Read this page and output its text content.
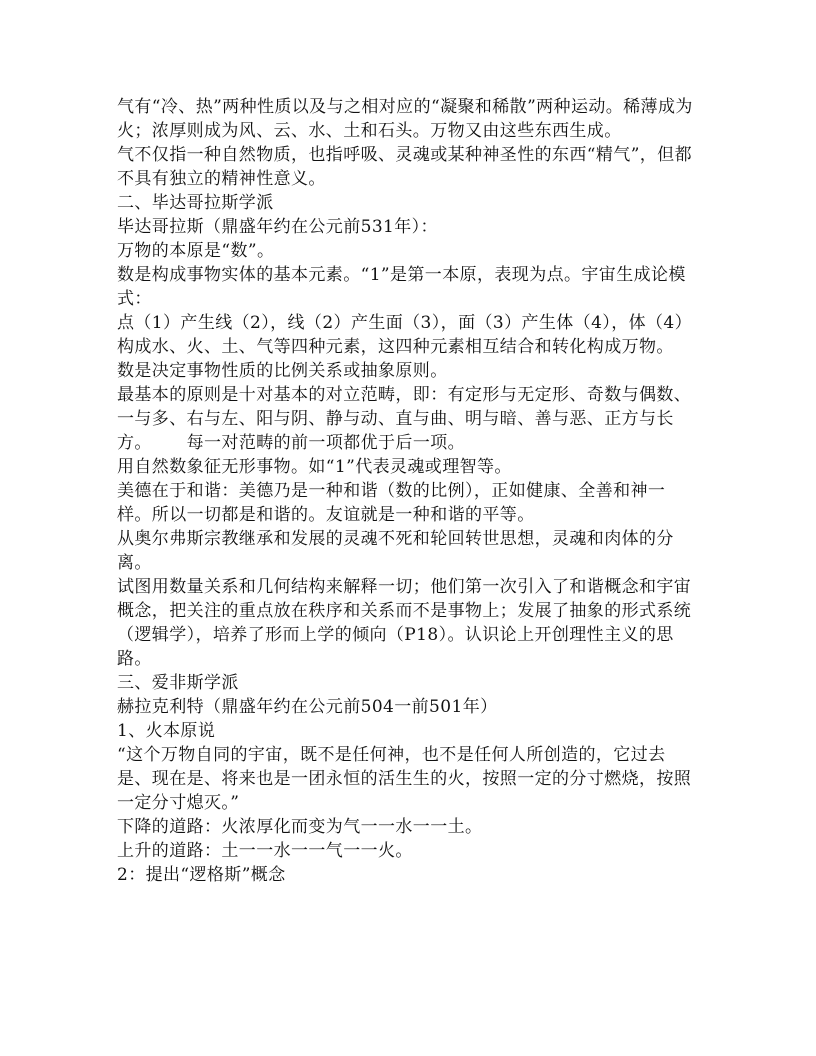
气有“冷、热”两种性质以及与之相对应的“凝聚和稀散”两种运动。稀薄成为火；浓厚则成为风、云、水、土和石头。万物又由这些东西生成。

气不仅指一种自然物质，也指呼吸、灵魂或某种神圣性的东西“精气”，但都不具有独立的精神性意义。

二、毕达哥拉斯学派

毕达哥拉斯（鼎盛年约在公元前531年）：

万物的本原是“数”。

数是构成事物实体的基本元素。“1”是第一本原，表现为点。宇宙生成论模式：

点（1）产生线（2），线（2）产生面（3），面（3）产生体（4），体（4）构成水、火、土、气等四种元素，这四种元素相互结合和转化构成万物。

数是决定事物性质的比例关系或抽象原则。

最基本的原则是十对基本的对立范畴，即：有定形与无定形、奇数与偶数、一与多、右与左、阳与阴、静与动、直与曲、明与暗、善与恶、正方与长方。      每一对范畴的前一项都优于后一项。

用自然数象征无形事物。如“1”代表灵魂或理智等。

美德在于和谐：美德乃是一种和谐（数的比例），正如健康、全善和神一样。所以一切都是和谐的。友谊就是一种和谐的平等。

从奥尔弗斯宗教继承和发展的灵魂不死和轮回转世思想，灵魂和肉体的分离。

试图用数量关系和几何结构来解释一切；他们第一次引入了和谐概念和宇宙概念，把关注的重点放在秩序和关系而不是事物上；发展了抽象的形式系统（逻辑学），培养了形而上学的倾向（P18）。认识论上开创理性主义的思路。

三、爱非斯学派

赫拉克利特（鼎盛年约在公元前504一前501年）

1、火本原说

“这个万物自同的宇宙，既不是任何神，也不是任何人所创造的，它过去是、现在是、将来也是一团永恒的活生生的火，按照一定的分寸燃烧，按照一定分寸熄灭。”

下降的道路：火浓厚化而变为气一一水一一土。

上升的道路：土一一水一一气一一火。

2：提出“逻格斯”概念
